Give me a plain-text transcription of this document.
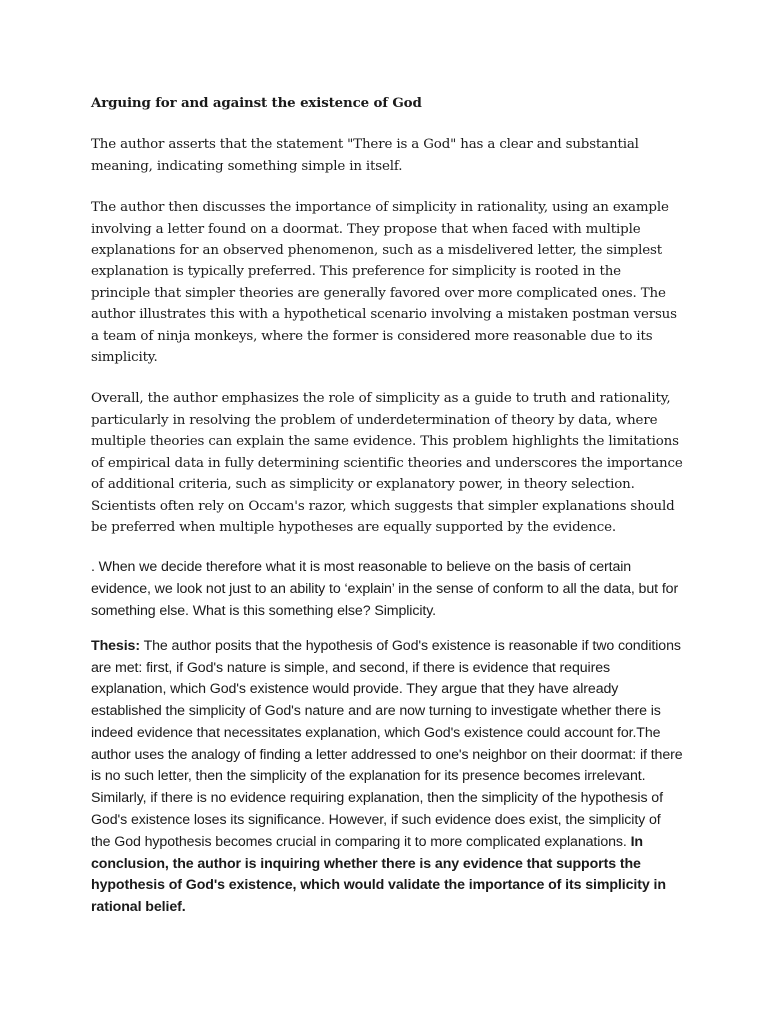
Arguing for and against the existence of God

The author asserts that the statement "There is a God" has a clear and substantial meaning, indicating something simple in itself.

The author then discusses the importance of simplicity in rationality, using an example involving a letter found on a doormat. They propose that when faced with multiple explanations for an observed phenomenon, such as a misdelivered letter, the simplest explanation is typically preferred. This preference for simplicity is rooted in the principle that simpler theories are generally favored over more complicated ones. The author illustrates this with a hypothetical scenario involving a mistaken postman versus a team of ninja monkeys, where the former is considered more reasonable due to its simplicity.

Overall, the author emphasizes the role of simplicity as a guide to truth and rationality, particularly in resolving the problem of underdetermination of theory by data, where multiple theories can explain the same evidence. This problem highlights the limitations of empirical data in fully determining scientific theories and underscores the importance of additional criteria, such as simplicity or explanatory power, in theory selection. Scientists often rely on Occam's razor, which suggests that simpler explanations should be preferred when multiple hypotheses are equally supported by the evidence.

. When we decide therefore what it is most reasonable to believe on the basis of certain evidence, we look not just to an ability to ‘explain’ in the sense of conform to all the data, but for something else. What is this something else? Simplicity.

Thesis: The author posits that the hypothesis of God's existence is reasonable if two conditions are met: first, if God's nature is simple, and second, if there is evidence that requires explanation, which God's existence would provide. They argue that they have already established the simplicity of God's nature and are now turning to investigate whether there is indeed evidence that necessitates explanation, which God's existence could account for.The author uses the analogy of finding a letter addressed to one's neighbor on their doormat: if there is no such letter, then the simplicity of the explanation for its presence becomes irrelevant. Similarly, if there is no evidence requiring explanation, then the simplicity of the hypothesis of God's existence loses its significance. However, if such evidence does exist, the simplicity of the God hypothesis becomes crucial in comparing it to more complicated explanations. In conclusion, the author is inquiring whether there is any evidence that supports the hypothesis of God's existence, which would validate the importance of its simplicity in rational belief.
